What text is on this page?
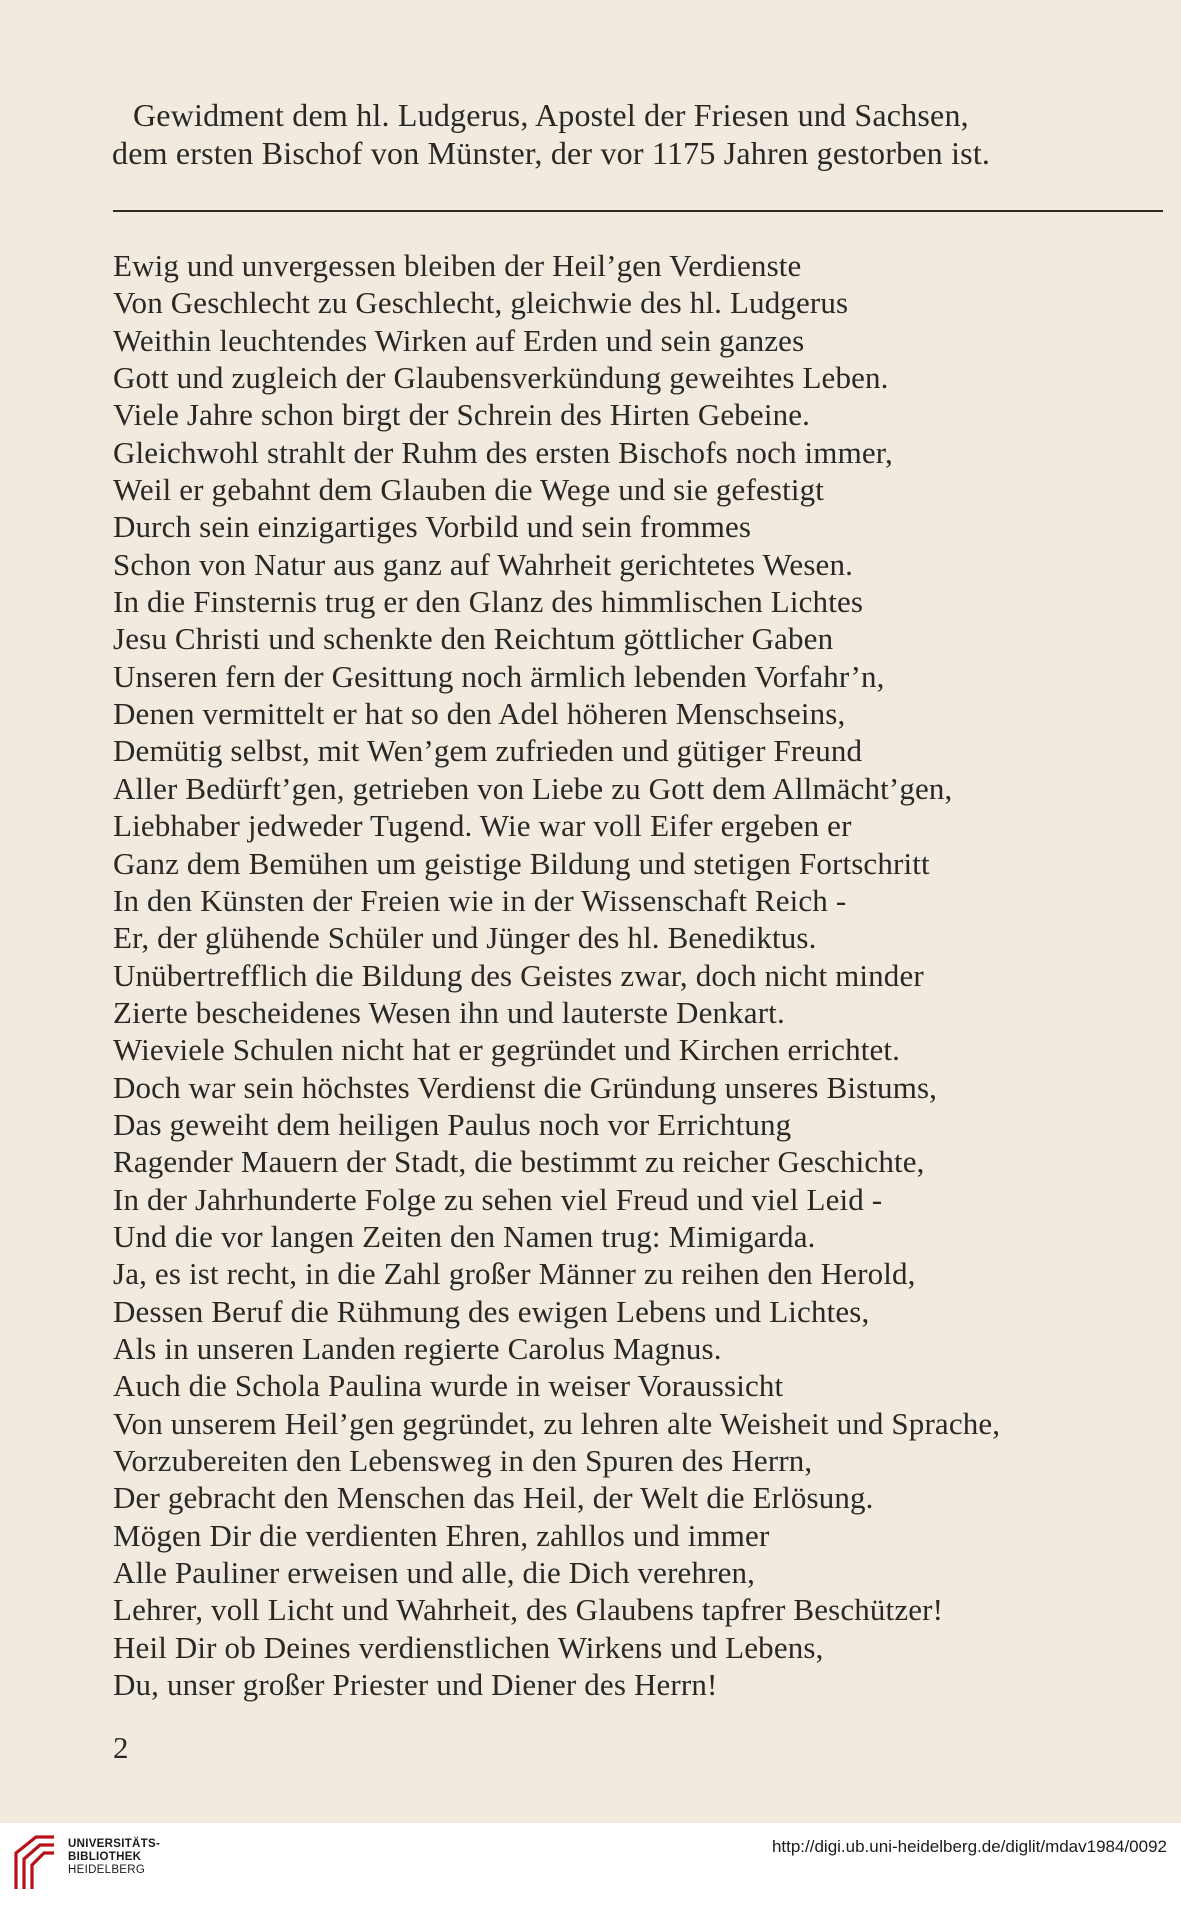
Gewidment dem hl. Ludgerus, Apostel der Friesen und Sachsen,
dem ersten Bischof von Münster, der vor 1175 Jahren gestorben ist.
Ewig und unvergessen bleiben der Heil’gen Verdienste
Von Geschlecht zu Geschlecht, gleichwie des hl. Ludgerus
Weithin leuchtendes Wirken auf Erden und sein ganzes
Gott und zugleich der Glaubensverkündung geweihtes Leben.
Viele Jahre schon birgt der Schrein des Hirten Gebeine.
Gleichwohl strahlt der Ruhm des ersten Bischofs noch immer,
Weil er gebahnt dem Glauben die Wege und sie gefestigt
Durch sein einzigartiges Vorbild und sein frommes
Schon von Natur aus ganz auf Wahrheit gerichtetes Wesen.
In die Finsternis trug er den Glanz des himmlischen Lichtes
Jesu Christi und schenkte den Reichtum göttlicher Gaben
Unseren fern der Gesittung noch ärmlich lebenden Vorfahr’n,
Denen vermittelt er hat so den Adel höheren Menschseins,
Demütig selbst, mit Wen’gem zufrieden und gütiger Freund
Aller Bedürft’gen, getrieben von Liebe zu Gott dem Allmächt’gen,
Liebhaber jedweder Tugend. Wie war voll Eifer ergeben er
Ganz dem Bemühen um geistige Bildung und stetigen Fortschritt
In den Künsten der Freien wie in der Wissenschaft Reich -
Er, der glühende Schüler und Jünger des hl. Benediktus.
Unübertrefflich die Bildung des Geistes zwar, doch nicht minder
Zierte bescheidenes Wesen ihn und lauterste Denkart.
Wieviele Schulen nicht hat er gegründet und Kirchen errichtet.
Doch war sein höchstes Verdienst die Gründung unseres Bistums,
Das geweiht dem heiligen Paulus noch vor Errichtung
Ragender Mauern der Stadt, die bestimmt zu reicher Geschichte,
In der Jahrhunderte Folge zu sehen viel Freud und viel Leid -
Und die vor langen Zeiten den Namen trug: Mimigarda.
Ja, es ist recht, in die Zahl großer Männer zu reihen den Herold,
Dessen Beruf die Rühmung des ewigen Lebens und Lichtes,
Als in unseren Landen regierte Carolus Magnus.
Auch die Schola Paulina wurde in weiser Voraussicht
Von unserem Heil’gen gegründet, zu lehren alte Weisheit und Sprache,
Vorzubereiten den Lebensweg in den Spuren des Herrn,
Der gebracht den Menschen das Heil, der Welt die Erlösung.
Mögen Dir die verdienten Ehren, zahllos und immer
Alle Pauliner erweisen und alle, die Dich verehren,
Lehrer, voll Licht und Wahrheit, des Glaubens tapfrer Beschützer!
Heil Dir ob Deines verdienstlichen Wirkens und Lebens,
Du, unser großer Priester und Diener des Herrn!
2
UNIVERSITÄTS-
BIBLIOTHEK
HEIDELBERG
http://digi.ub.uni-heidelberg.de/diglit/mdav1984/0092
